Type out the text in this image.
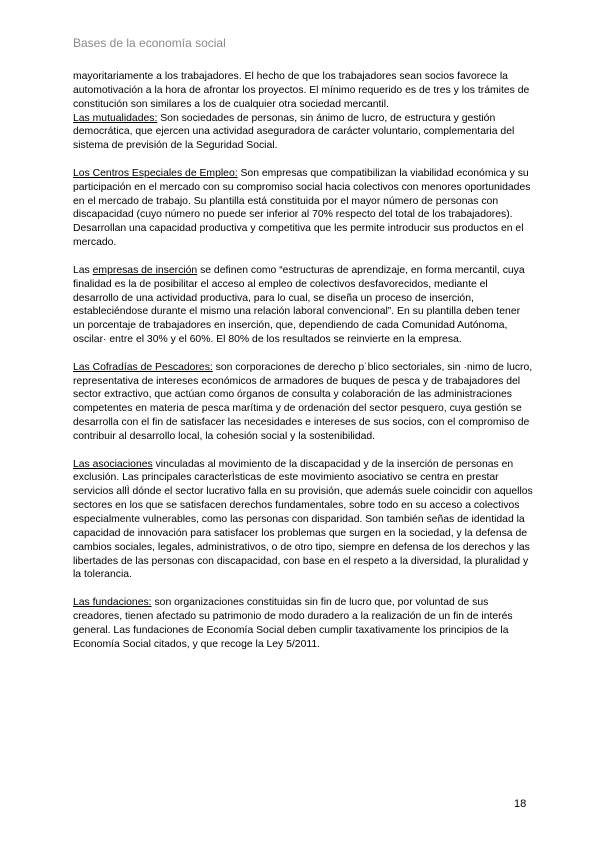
Bases de la economía social

mayoritariamente a los trabajadores. El hecho de que los trabajadores sean socios favorece la automotivación a la hora de afrontar los proyectos. El mínimo requerido es de tres y los trámites de constitución son similares a los de cualquier otra sociedad mercantil.

Las mutualidades: Son sociedades de personas, sin ánimo de lucro, de estructura y gestión democrática, que ejercen una actividad aseguradora de carácter voluntario, complementaria del sistema de previsión de la Seguridad Social.

Los Centros Especiales de Empleo: Son empresas que compatibilizan la viabilidad económica y su participación en el mercado con su compromiso social hacia colectivos con menores oportunidades en el mercado de trabajo. Su plantilla está constituida por el mayor número de personas con discapacidad (cuyo número no puede ser inferior al 70% respecto del total de los trabajadores). Desarrollan una capacidad productiva y competitiva que les permite introducir sus productos en el mercado.

Las empresas de inserción se definen como “estructuras de aprendizaje, en forma mercantil, cuya finalidad es la de posibilitar el acceso al empleo de colectivos desfavorecidos, mediante el desarrollo de una actividad productiva, para lo cual, se diseña un proceso de inserción, estableciéndose durante el mismo una relación laboral convencional”. En su plantilla deben tener un porcentaje de trabajadores en inserción, que, dependiendo de cada Comunidad Autónoma, oscilar· entre el 30% y el 60%. El 80% de los resultados se reinvierte en la empresa.

Las Cofradías de Pescadores: son corporaciones de derecho p˙blico sectoriales, sin ·nimo de lucro, representativa de intereses económicos de armadores de buques de pesca y de trabajadores del sector extractivo, que actúan como órganos de consulta y colaboración de las administraciones competentes en materia de pesca marítima y de ordenación del sector pesquero, cuya gestión se desarrolla con el fin de satisfacer las necesidades e intereses de sus socios, con el compromiso de contribuir al desarrollo local, la cohesión social y la sostenibilidad.

Las asociaciones vinculadas al movimiento de la discapacidad y de la inserción de personas en exclusión. Las principales caracterÌsticas de este movimiento asociativo se centra en prestar servicios allÌ dónde el sector lucrativo falla en su provisión, que además suele coincidir con aquellos sectores en los que se satisfacen derechos fundamentales, sobre todo en su acceso a colectivos especialmente vulnerables, como las personas con disparidad. Son también señas de identidad la capacidad de innovación para satisfacer los problemas que surgen en la sociedad, y la defensa de cambios sociales, legales, administrativos, o de otro tipo, siempre en defensa de los derechos y las libertades de las personas con discapacidad, con base en el respeto a la diversidad, la pluralidad y la tolerancia.

Las fundaciones: son organizaciones constituidas sin fin de lucro que, por voluntad de sus creadores, tienen afectado su patrimonio de modo duradero a la realización de un fin de interés general. Las fundaciones de Economía Social deben cumplir taxativamente los principios de la Economía Social citados, y que recoge la Ley 5/2011.

18
